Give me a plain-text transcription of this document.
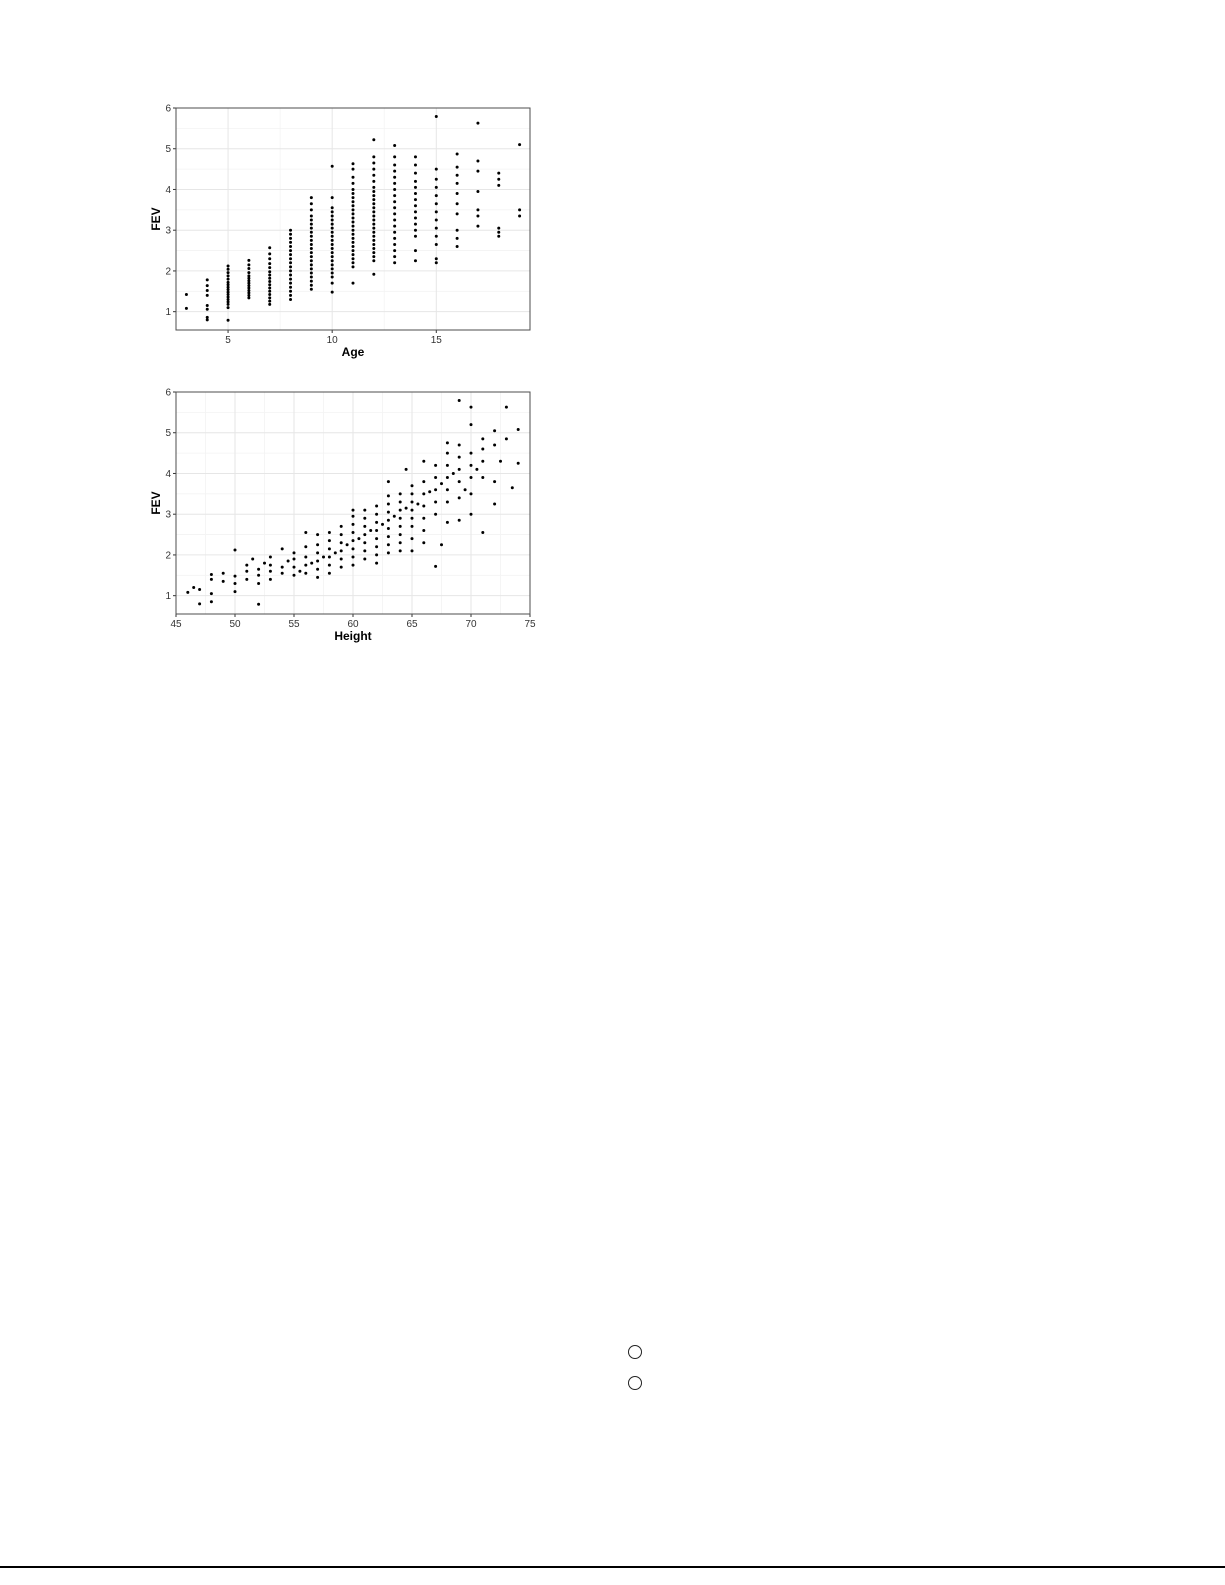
5	10	15
1
2
3
4
5
6
Age
FEV
45	50	55	60	65	70	75
1
2
3
4
5
6
Height
FEV
